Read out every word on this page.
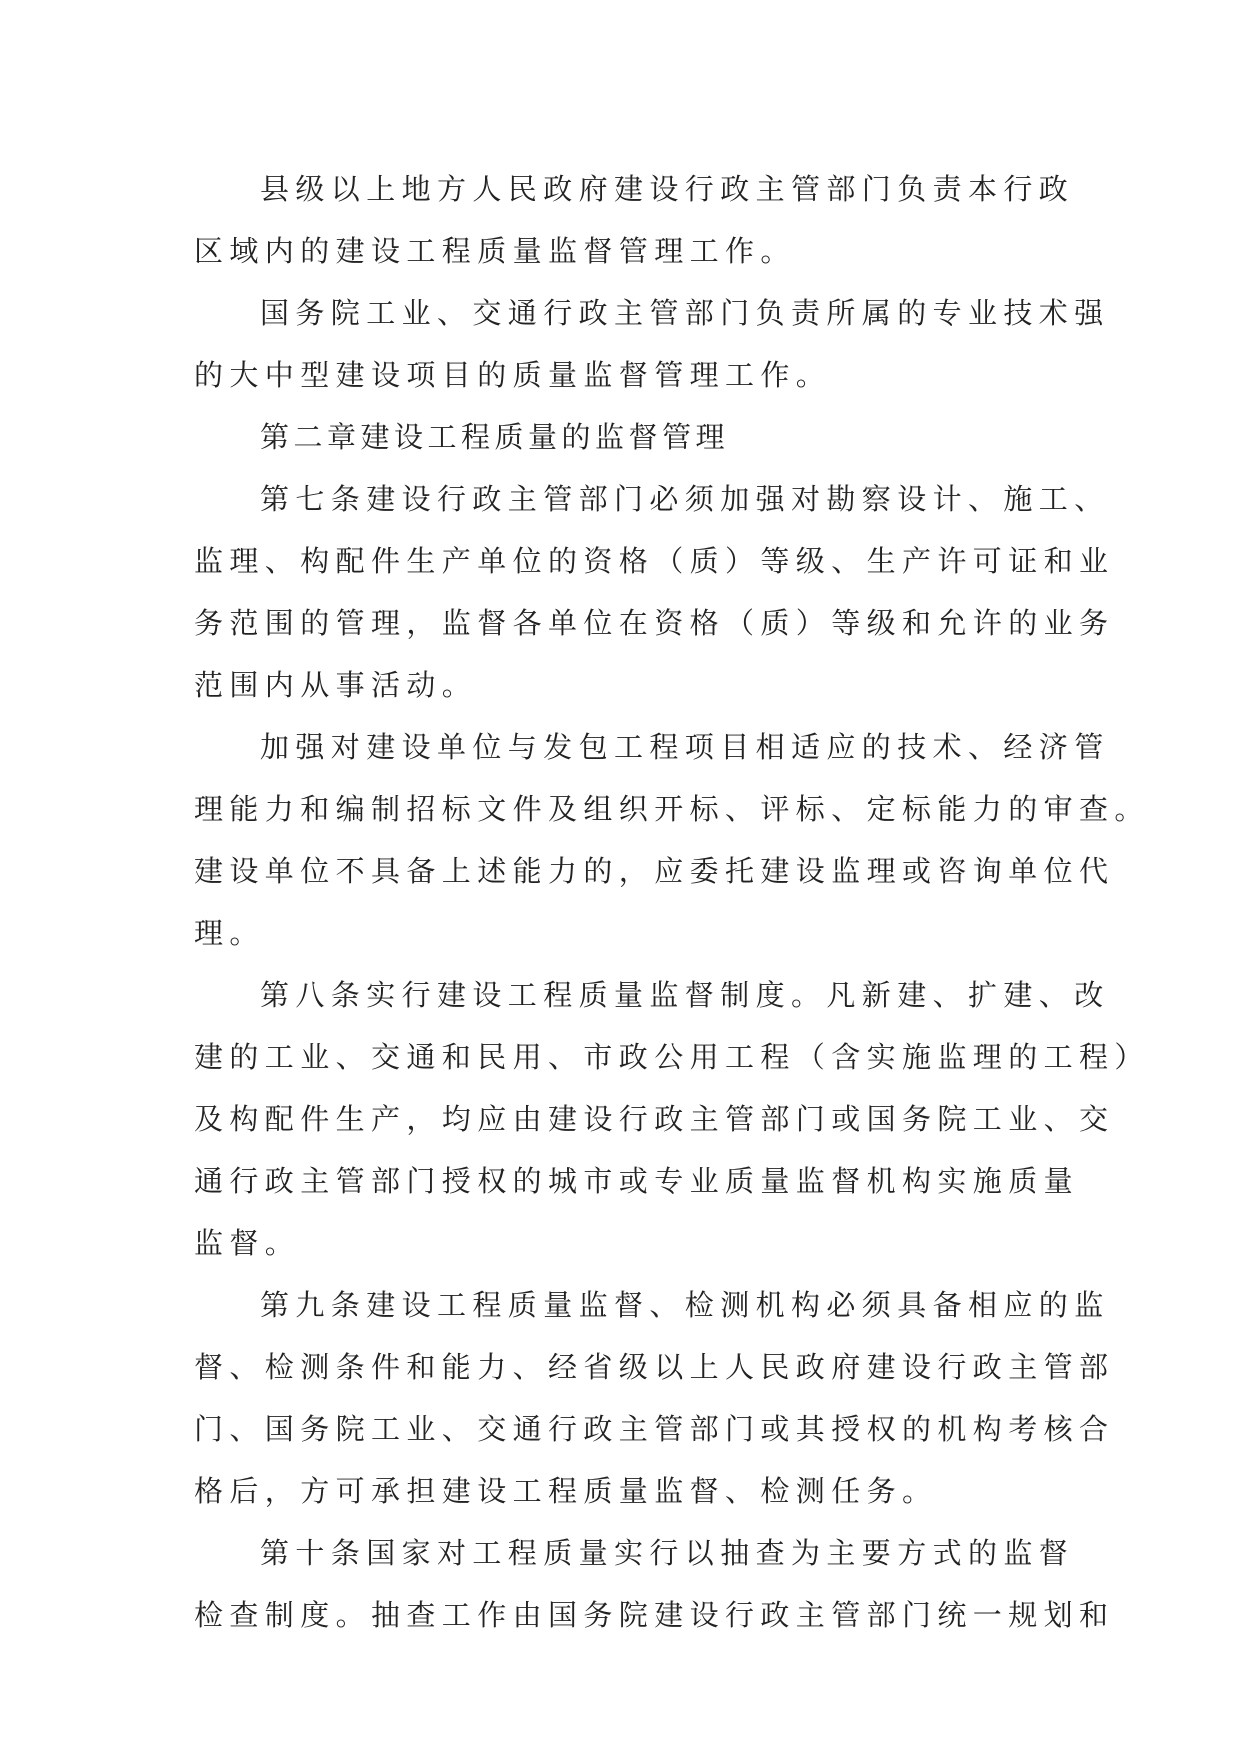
县级以上地方人民政府建设行政主管部门负责本行政
区域内的建设工程质量监督管理工作。
国务院工业、交通行政主管部门负责所属的专业技术强
的大中型建设项目的质量监督管理工作。
第二章建设工程质量的监督管理
第七条建设行政主管部门必须加强对勘察设计、施工、
监理、构配件生产单位的资格（质）等级、生产许可证和业
务范围的管理，监督各单位在资格（质）等级和允许的业务
范围内从事活动。
加强对建设单位与发包工程项目相适应的技术、经济管
理能力和编制招标文件及组织开标、评标、定标能力的审查。
建设单位不具备上述能力的，应委托建设监理或咨询单位代
理。
第八条实行建设工程质量监督制度。凡新建、扩建、改
建的工业、交通和民用、市政公用工程（含实施监理的工程）
及构配件生产，均应由建设行政主管部门或国务院工业、交
通行政主管部门授权的城市或专业质量监督机构实施质量
监督。
第九条建设工程质量监督、检测机构必须具备相应的监
督、检测条件和能力、经省级以上人民政府建设行政主管部
门、国务院工业、交通行政主管部门或其授权的机构考核合
格后，方可承担建设工程质量监督、检测任务。
第十条国家对工程质量实行以抽查为主要方式的监督
检查制度。抽查工作由国务院建设行政主管部门统一规划和
